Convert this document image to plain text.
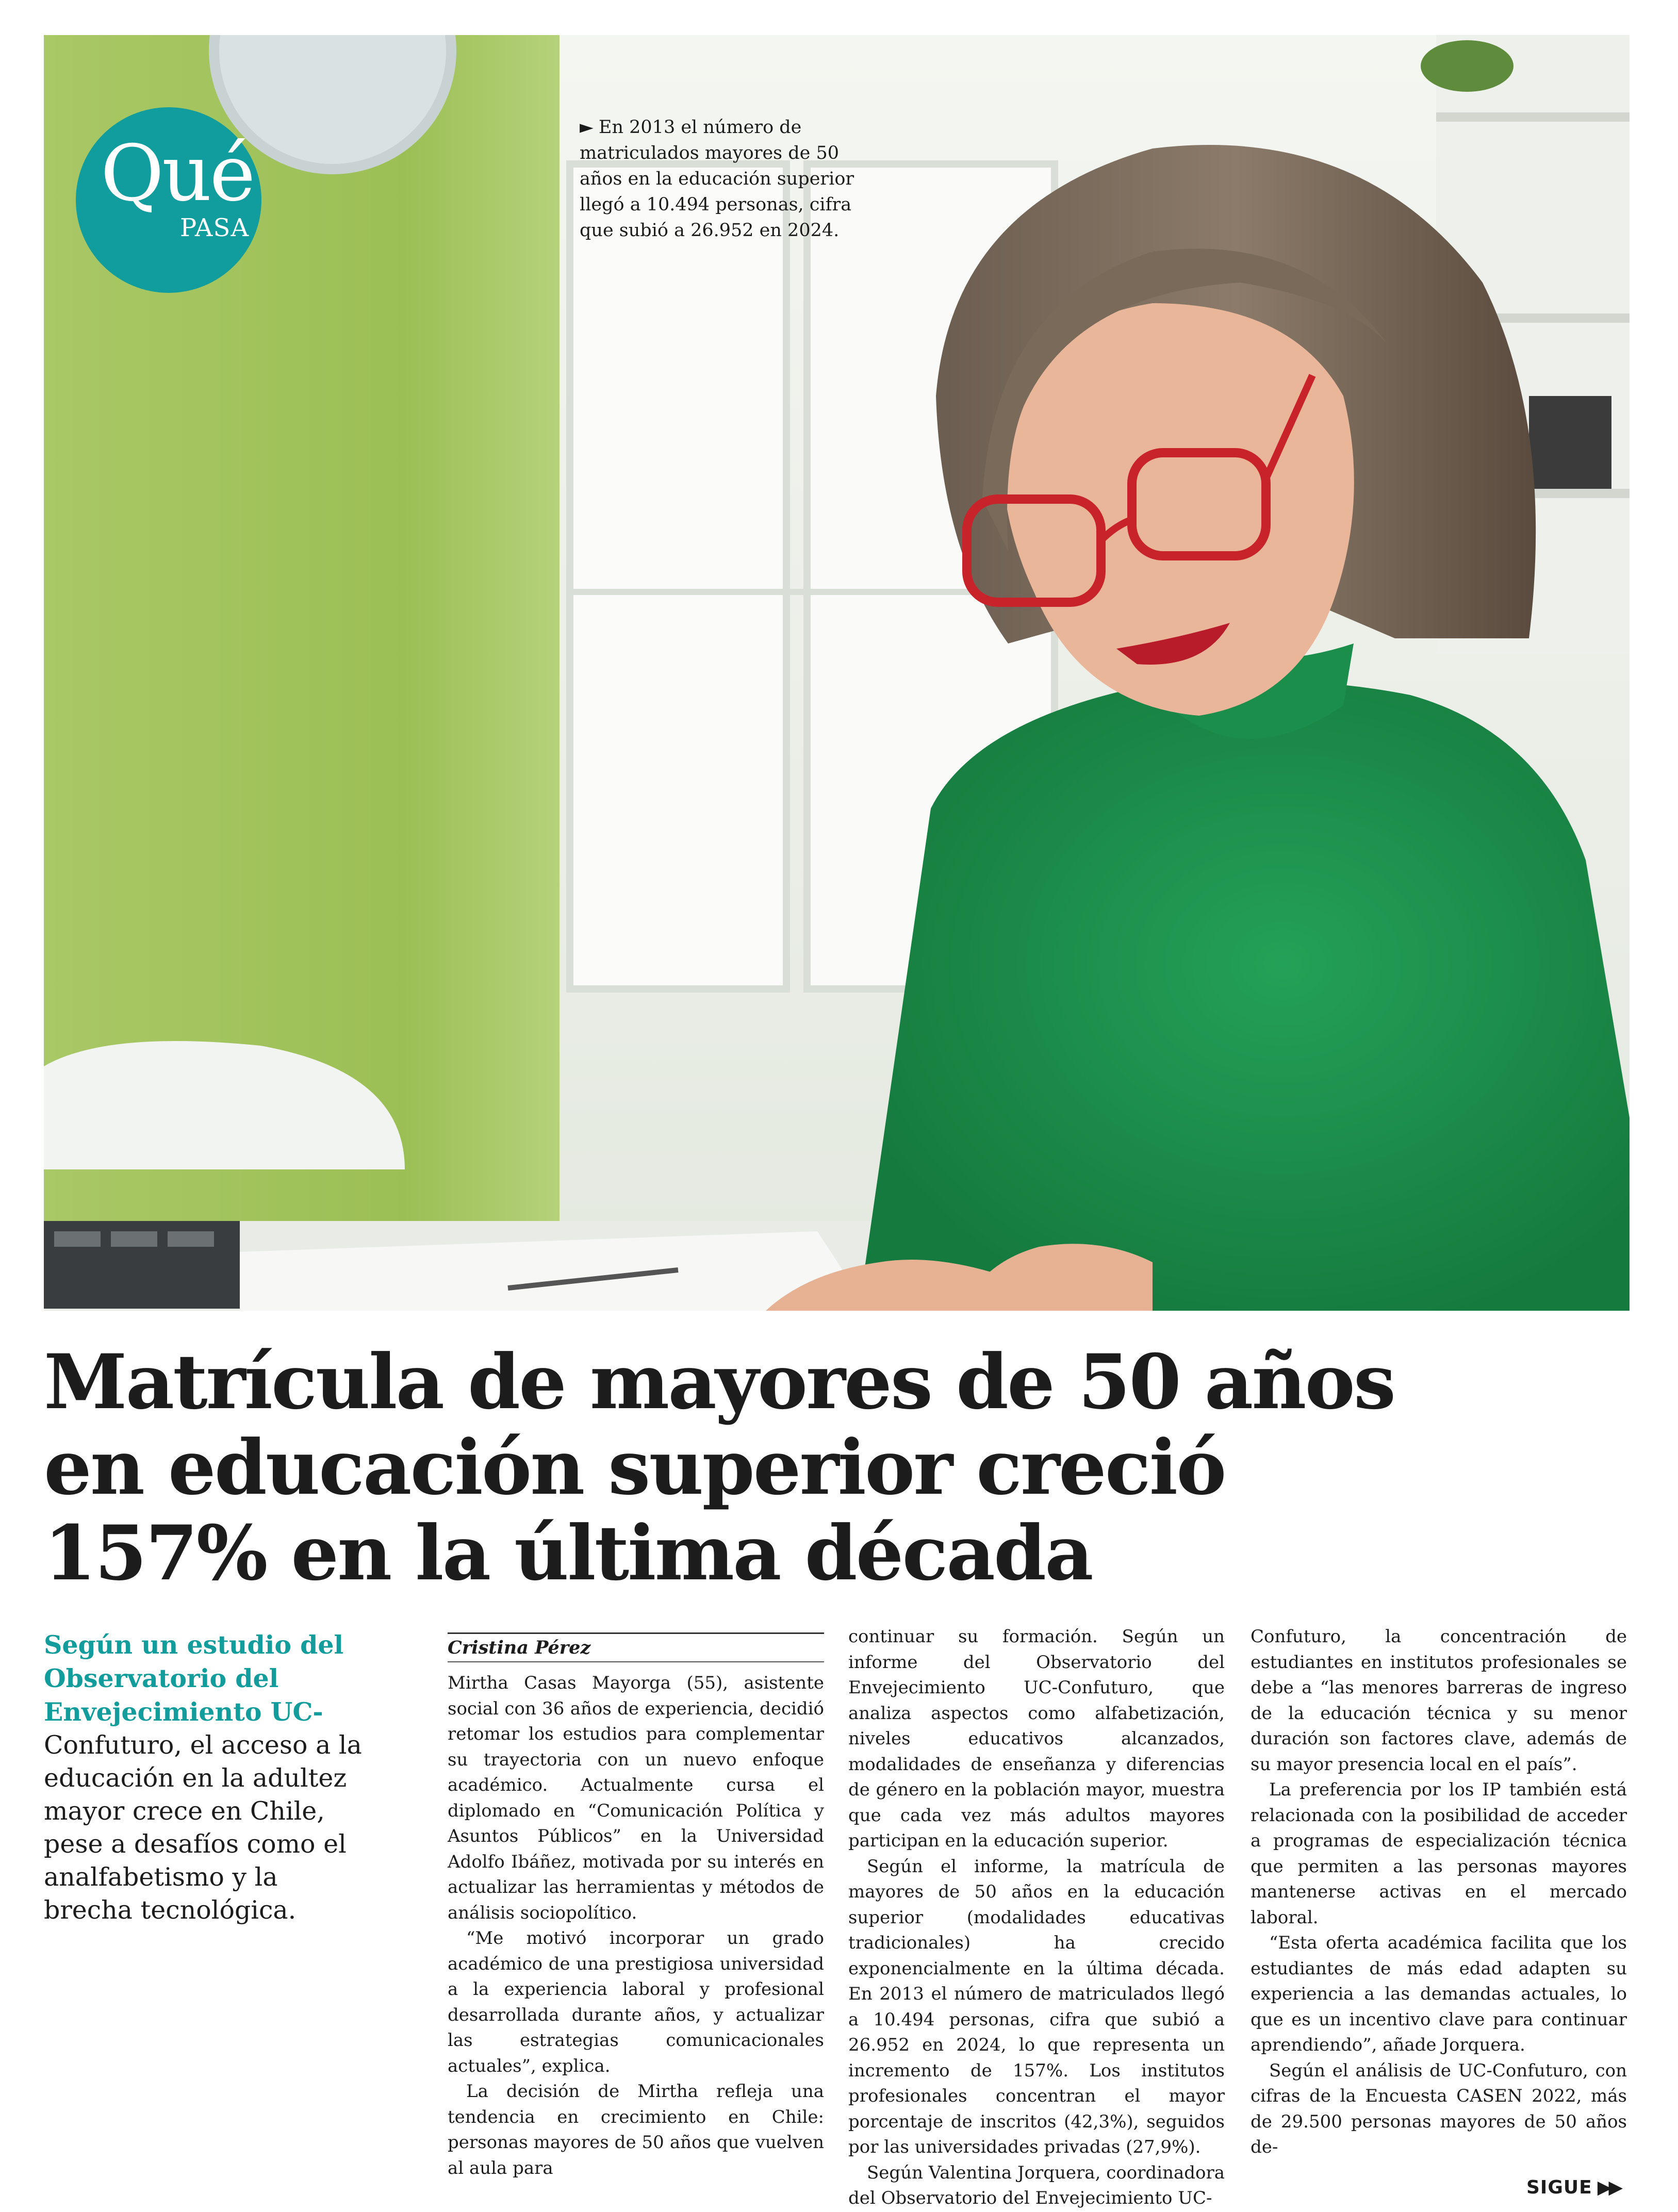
Qué
PASA
► En 2013 el número de matriculados mayores de 50 años en la educación superior llegó a 10.494 personas, cifra que subió a 26.952 en 2024.
Matrícula de mayores de 50 años
en educación superior creció
157% en la última década
Según un estudio del Observatorio del Envejecimiento UC-Confuturo, el acceso a la educación en la adultez mayor crece en Chile, pese a desafíos como el analfabetismo y la brecha tecnológica.
Cristina Pérez

Mirtha Casas Mayorga (55), asistente social con 36 años de experiencia, decidió retomar los estudios para complementar su trayectoria con un nuevo enfoque académico. Actualmente cursa el diplomado en “Comunicación Política y Asuntos Públicos” en la Universidad Adolfo Ibáñez, motivada por su interés en actualizar las herramientas y métodos de análisis sociopolítico.

“Me motivó incorporar un grado académico de una prestigiosa universidad a la experiencia laboral y profesional desarrollada durante años, y actualizar las estrategias comunicacionales actuales”, explica.

La decisión de Mirtha refleja una tendencia en crecimiento en Chile: personas mayores de 50 años que vuelven al aula para

continuar su formación. Según un informe del Observatorio del Envejecimiento UC-Confuturo, que analiza aspectos como alfabetización, niveles educativos alcanzados, modalidades de enseñanza y diferencias de género en la población mayor, muestra que cada vez más adultos mayores participan en la educación superior.

Según el informe, la matrícula de mayores de 50 años en la educación superior (modalidades educativas tradicionales) ha crecido exponencialmente en la última década. En 2013 el número de matriculados llegó a 10.494 personas, cifra que subió a 26.952 en 2024, lo que representa un incremento de 157%. Los institutos profesionales concentran el mayor porcentaje de inscritos (42,3%), seguidos por las universidades privadas (27,9%).

Según Valentina Jorquera, coordinadora del Observatorio del Envejecimiento UC-

Confuturo, la concentración de estudiantes en institutos profesionales se debe a “las menores barreras de ingreso de la educación técnica y su menor duración son factores clave, además de su mayor presencia local en el país”.

La preferencia por los IP también está relacionada con la posibilidad de acceder a programas de especialización técnica que permiten a las personas mayores mantenerse activas en el mercado laboral.

“Esta oferta académica facilita que los estudiantes de más edad adapten su experiencia a las demandas actuales, lo que es un incentivo clave para continuar aprendiendo”, añade Jorquera.

Según el análisis de UC-Confuturo, con cifras de la Encuesta CASEN 2022, más de 29.500 personas mayores de 50 años de-

SIGUE ▶▶
